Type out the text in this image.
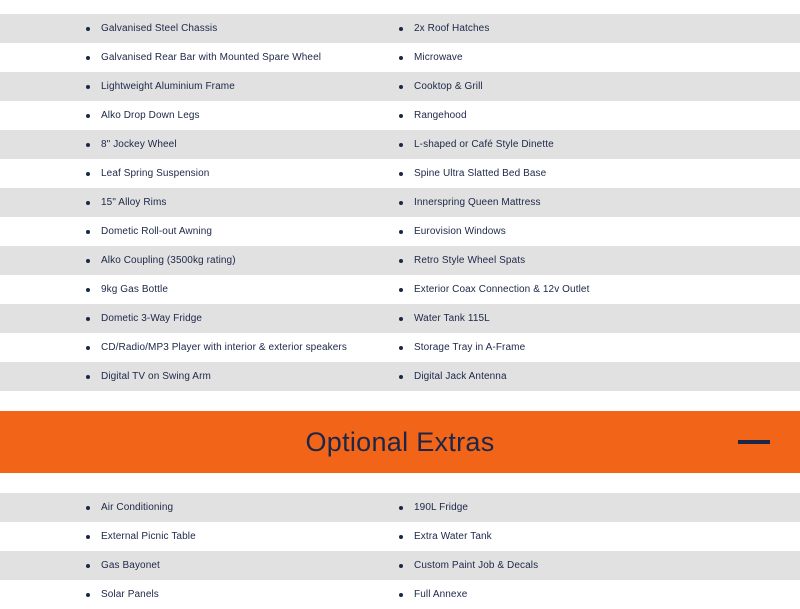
Galvanised Steel Chassis	2x Roof Hatches
Galvanised Rear Bar with Mounted Spare Wheel	Microwave
Lightweight Aluminium Frame	Cooktop & Grill
Alko Drop Down Legs	Rangehood
8" Jockey Wheel	L-shaped or Café Style Dinette
Leaf Spring Suspension	Spine Ultra Slatted Bed Base
15" Alloy Rims	Innerspring Queen Mattress
Dometic Roll-out Awning	Eurovision Windows
Alko Coupling (3500kg rating)	Retro Style Wheel Spats
9kg Gas Bottle	Exterior Coax Connection & 12v Outlet
Dometic 3-Way Fridge	Water Tank 115L
CD/Radio/MP3 Player with interior & exterior speakers	Storage Tray in A-Frame
Digital TV on Swing Arm	Digital Jack Antenna
Optional Extras
Air Conditioning	190L Fridge
External Picnic Table	Extra Water Tank
Gas Bayonet	Custom Paint Job & Decals
Solar Panels	Full Annexe
